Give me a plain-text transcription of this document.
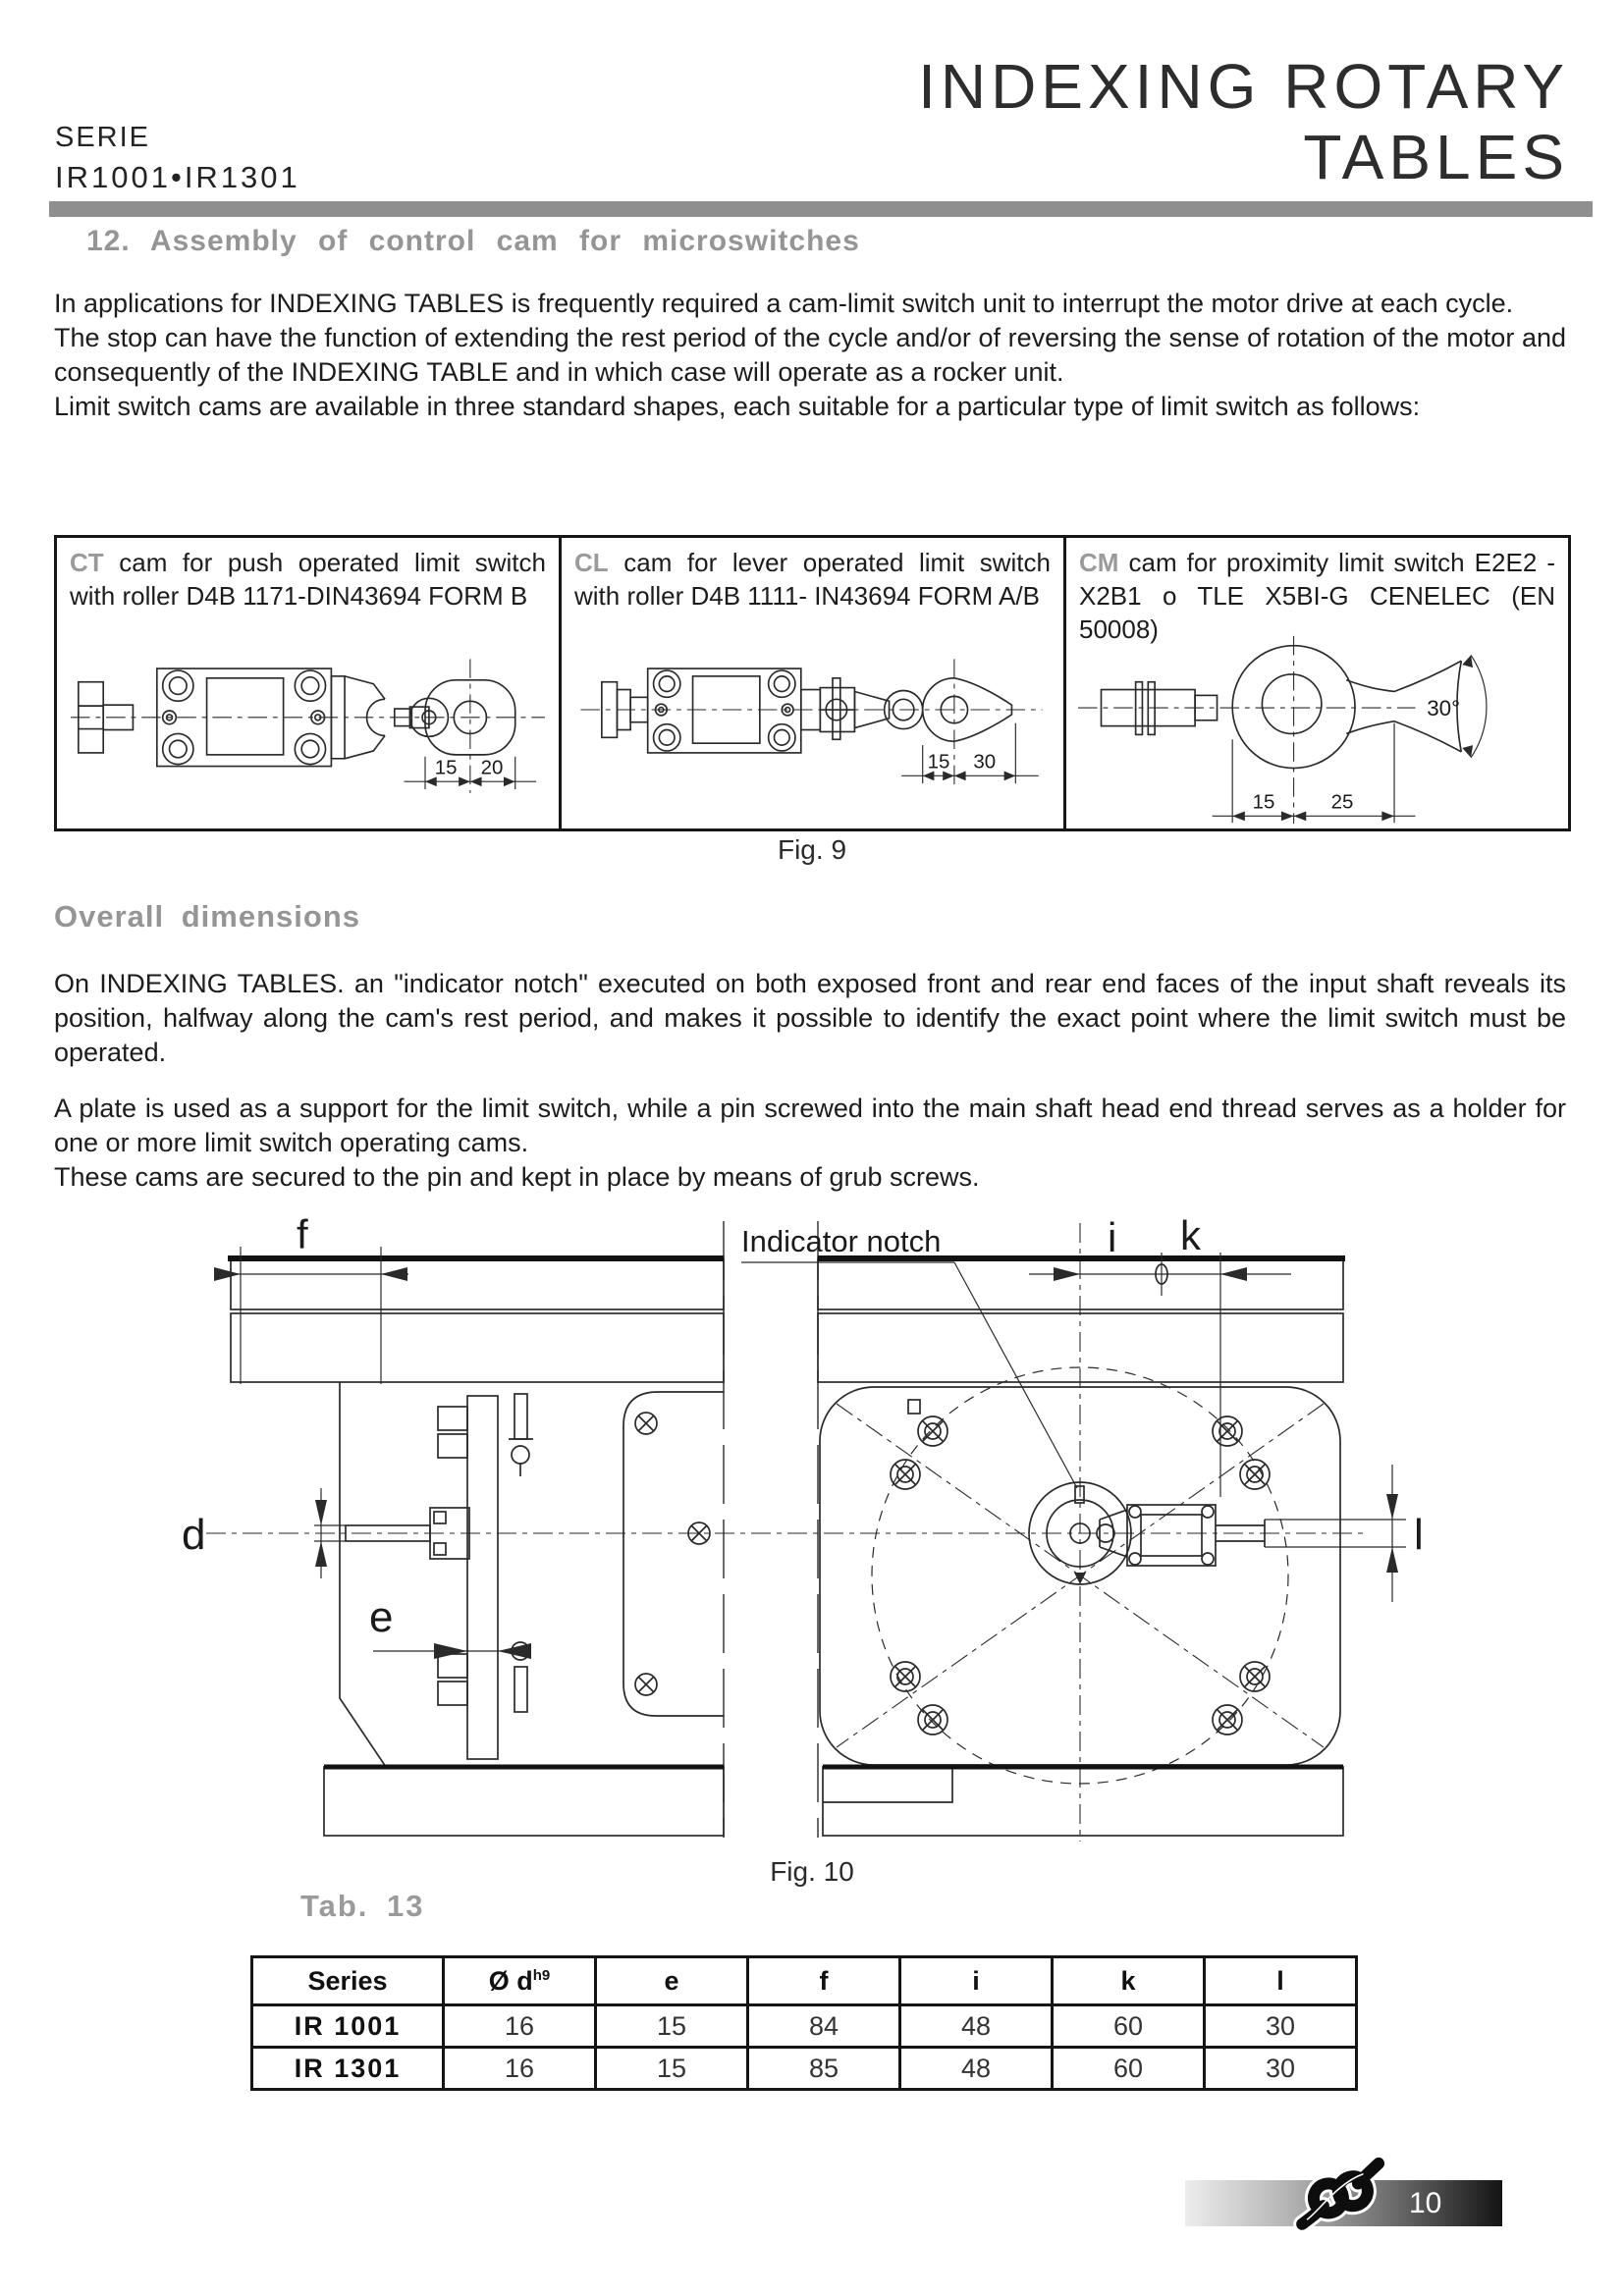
SERIE
IR1001•IR1301
INDEXING ROTARY
TABLES
12. Assembly of control cam for microswitches

In applications for INDEXING TABLES is frequently required a cam-limit switch unit to interrupt the motor drive at each cycle.

The stop can have the function of extending the rest period of the cycle and/or of reversing the sense of rotation of the motor and consequently of the INDEXING TABLE and in which case will operate as a rocker unit.

Limit switch cams are available in three standard shapes, each suitable for a particular type of limit switch as follows:

CT cam for push operated limit switch with roller D4B 1171-DIN43694 FORM B
15 20
CL cam for lever operated limit switch with roller D4B 1111- IN43694 FORM A/B
15 30
CM cam for proximity limit switch E2E2 - X2B1 o TLE X5BI-G CENELEC (EN 50008)
30°
15	25
Fig. 9
Overall dimensions

On INDEXING TABLES. an "indicator notch" executed on both exposed front and rear end faces of the input shaft reveals its position, halfway along the cam's rest period, and makes it possible to identify the exact point where the limit switch must be operated.

A plate is used as a support for the limit switch, while a pin screwed into the main shaft head end thread serves as a holder for one or more limit switch operating cams.

These cams are secured to the pin and kept in place by means of grub screws.

f	i k
d
e
l
Indicator notch
Fig. 10
Tab. 13
Series	Ø $d^{h9}$	e	f	i	k	l
IR 1001	16	15	84	48	60	30
IR 1301	16	15	85	48	60	30
10
